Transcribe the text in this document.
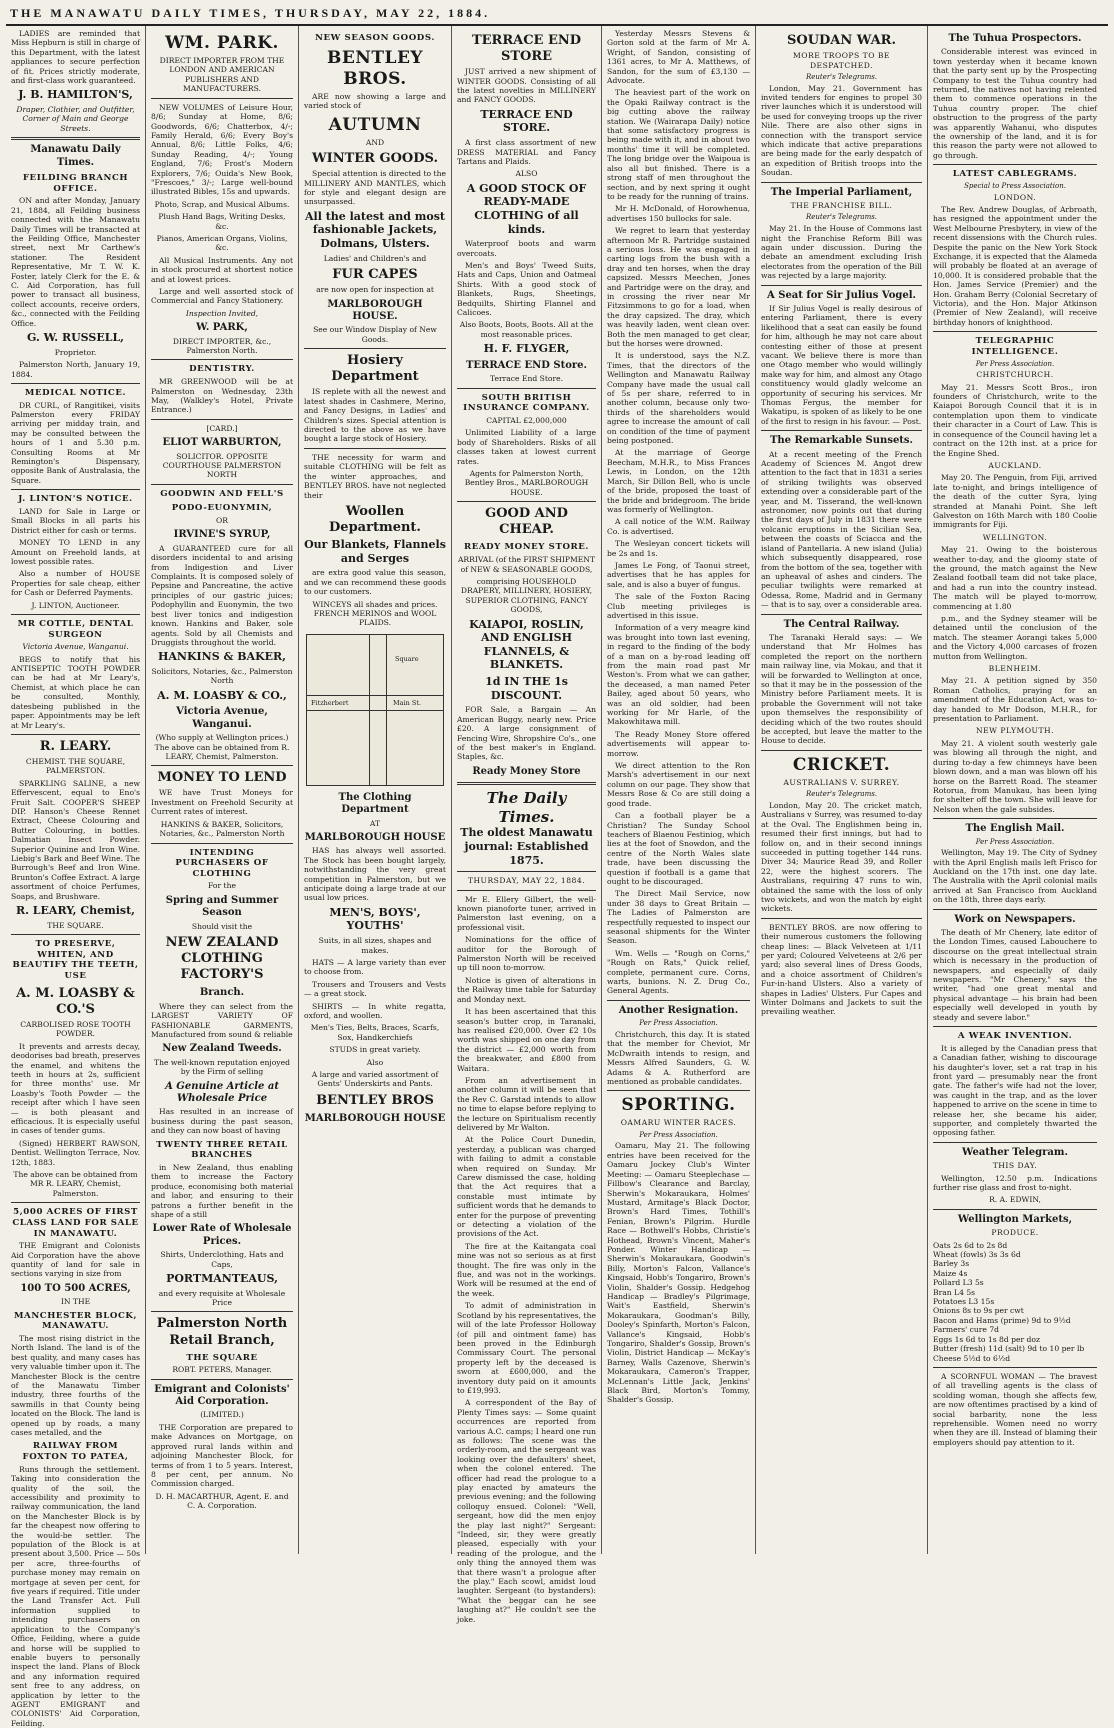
THE MANAWATU DAILY TIMES, THURSDAY, MAY 22, 1884.

LADIES are reminded that Miss Hepburn is still in charge of this Department, with the latest appliances to secure perfection of fit. Prices strictly moderate, and first-class work guaranteed.

J. B. HAMILTON'S,

Draper, Clothier, and Outfitter, Corner of Main and George Streets.

Manawatu Daily Times.
FEILDING BRANCH OFFICE.

ON and after Monday, January 21, 1884, all Feilding business connected with the Manawatu Daily Times will be transacted at the Feilding Office, Manchester street, next Mr Carthew's stationer. The Resident Representative, Mr T. W. K. Foster, lately Clerk for the E. & C. Aid Corporation, has full power to transact all business, collect accounts, receive orders, &c., connected with the Feilding Office.

G. W. RUSSELL,

Proprietor.

Palmerston North, January 19, 1884.

MEDICAL NOTICE.

DR CURL, of Rangitikei, visits Palmerston every FRIDAY arriving per midday train, and may be consulted between the hours of 1 and 5.30 p.m. Consulting Rooms at Mr Remington's Dispensary, opposite Bank of Australasia, the Square.

J. LINTON'S NOTICE.

LAND for Sale in Large or Small Blocks in all parts his District either for cash or terms.

MONEY TO LEND in any Amount on Freehold lands, at lowest possible rates.

Also a number of HOUSE Properties for sale cheap, either for Cash or Deferred Payments.

J. LINTON, Auctioneer.

MR COTTLE, DENTAL SURGEON

Victoria Avenue, Wanganui.

BEGS to notify that his ANTISEPTIC TOOTH POWDER can be had at Mr Leary's, Chemist, at which place he can be consulted, Monthly, datesbeing published in the paper. Appointments may be left at Mr Leary's.

R. LEARY.

CHEMIST. THE SQUARE, PALMERSTON.

SPARKLING SALINE, a new Effervescent, equal to Eno's Fruit Salt. COOPER'S SHEEP DIP. Hanson's Cheese Rennet Extract, Cheese Colouring and Butter Colouring, in bottles. Dalmatian Insect Powder. Superior Quinine and Iron Wine. Liebig's Bark and Beef Wine. The Burrough's Beef and Iron Wine. Brunton's Coffee Extract. A large assortment of choice Perfumes, Soaps, and Brushware.

R. LEARY, Chemist,

THE SQUARE.

TO PRESERVE, WHITEN, AND BEAUTIFY THE TEETH, USE
A. M. LOASBY & CO.'S

CARBOLISED ROSE TOOTH POWDER.

It prevents and arrests decay, deodorises bad breath, preserves the enamel, and whitens the teeth in hours at 2s, sufficient for three months' use. Mr Loasby's Tooth Powder — the receipt after which I have seen — is both pleasant and efficacious. It is especially useful in cases of tender gums.

(Signed) HERBERT RAWSON, Dentist. Wellington Terrace, Nov. 12th, 1883.

The above can be obtained from MR R. LEARY, Chemist, Palmerston.

5,000 ACRES OF FIRST CLASS LAND FOR SALE IN MANAWATU.

THE Emigrant and Colonists Aid Corporation have the above quantity of land for sale in sections varying in size from

100 TO 500 ACRES,

IN THE

MANCHESTER BLOCK, MANAWATU.

The most rising district in the North Island. The land is of the best quality, and many cases has very valuable timber upon it. The Manchester Block is the centre of the Manawatu Timber industry, three fourths of the sawmills in that County being located on the Block. The land is opened up by roads, a many cases metalled, and the

RAILWAY FROM FOXTON TO PATEA,

Runs through the settlement. Taking into consideration the quality of the soil, the accessibility and proximity to railway communication, the land on the Manchester Block is by far the cheapest now offering to the would-be settler. The population of the Block is at present about 3,500. Price — 50s per acre, three-fourths of purchase money may remain on mortgage at seven per cent, for five years if required. Title under the Land Transfer Act. Full information supplied to intending purchasers on application to the Company's Office, Feilding, where a guide and horse will be supplied to enable buyers to personally inspect the land. Plans of Block and any information required sent free to any address, on application by letter to the AGENT EMIGRANT and COLONISTS' Aid Corporation, Feilding.

WM. PARK.

DIRECT IMPORTER FROM THE LONDON AND AMERICAN PUBLISHERS AND MANUFACTURERS.

NEW VOLUMES of Leisure Hour, 8/6; Sunday at Home, 8/6; Goodwords, 6/6; Chatterbox, 4/-; Family Herald, 6/6; Every Boy's Annual, 8/6; Little Folks, 4/6; Sunday Reading, 4/-; Young England, 7/6; Frost's Modern Explorers, 7/6; Ouida's New Book, "Frescoes," 3/-; Large well-bound illustrated Bibles, 15s and upwards.

Photo, Scrap, and Musical Albums.

Plush Hand Bags, Writing Desks, &c.

Pianos, American Organs, Violins, &c.

All Musical Instruments. Any not in stock procured at shortest notice and at lowest prices.

Large and well assorted stock of Commercial and Fancy Stationery.

Inspection Invited,

W. PARK,

DIRECT IMPORTER, &c., Palmerston North.

DENTISTRY.

MR GREENWOOD will be at Palmerston on Wednesday, 23th May, (Walkley's Hotel, Private Entrance.)

[CARD.]

ELIOT WARBURTON,

SOLICITOR. OPPOSITE COURTHOUSE PALMERSTON NORTH

GOODWIN AND FELL'S
PODO-EUONYMIN,

OR

IRVINE'S SYRUP,

A GUARANTEED cure for all disorders incidental to and arising from Indigestion and Liver Complaints. It is composed solely of Pepsine and Pancreatine, the active principles of our gastric juices; Podophyllin and Euonymin, the two best liver tonics and indigestion known. Hankins and Baker, sole agents. Sold by all Chemists and Druggists throughout the world.

HANKINS & BAKER,

Solicitors, Notaries, &c., Palmerston North

A. M. LOASBY & CO.,

Victoria Avenue, Wanganui.

(Who supply at Wellington prices.) The above can be obtained from R. LEARY, Chemist, Palmerston.

MONEY TO LEND

WE have Trust Moneys for Investment on Freehold Security at Current rates of interest.

HANKINS & BAKER, Solicitors, Notaries, &c., Palmerston North

INTENDING PURCHASERS OF CLOTHING

For the

Spring and Summer Season

Should visit the

NEW ZEALAND CLOTHING FACTORY'S
Branch.

Where they can select from the LARGEST VARIETY OF FASHIONABLE GARMENTS, Manufactured from sound & reliable

New Zealand Tweeds.

The well-known reputation enjoyed by the Firm of selling

A Genuine Article at Wholesale Price

Has resulted in an increase of business during the past season, and they can now boast of having

TWENTY THREE RETAIL BRANCHES

in New Zealand, thus enabling them to increase the Factory produce, economising both material and labor, and ensuring to their patrons a further benefit in the shape of a still

Lower Rate of Wholesale Prices.

Shirts, Underclothing, Hats and Caps,

PORTMANTEAUS,

and every requisite at Wholesale Price

Palmerston North Retail Branch,
THE SQUARE

ROBT. PETERS, Manager.

Emigrant and Colonists' Aid Corporation.

(LIMITED.)

THE Corporation are prepared to make Advances on Mortgage, on approved rural lands within and adjoining Manchester Block, for terms of from 1 to 5 years. Interest, 8 per cent, per annum. No Commission charged.

D. H. MACARTHUR, Agent, E. and C. A. Corporation.

NEW SEASON GOODS.
BENTLEY BROS.

ARE now showing a large and varied stock of

AUTUMN

AND

WINTER GOODS.

Special attention is directed to the MILLINERY AND MANTLES, which for style and elegant design are unsurpassed.

All the latest and most fashionable Jackets, Dolmans, Ulsters.

Ladies' and Children's and

FUR CAPES

are now open for inspection at

MARLBOROUGH HOUSE.

See our Window Display of New Goods.

Hosiery Department

IS replete with all the newest and latest shades in Cashmere, Merino, and Fancy Designs, in Ladies' and Children's sizes. Special attention is directed to the above as we have bought a large stock of Hosiery.

THE necessity for warm and suitable CLOTHING will be felt as the winter approaches, and BENTLEY BROS. have not neglected their

Woollen Department.

Our Blankets, Flannels and Serges

are extra good value this season, and we can recommend these goods to our customers.

WINCEYS all shades and prices. FRENCH MERINOS and WOOL PLAIDS.

Fitzherbert	Main St.
Square
The Clothing Department

AT

MARLBOROUGH HOUSE

HAS has always well assorted. The Stock has been bought largely, notwithstanding the very great competition in Palmerston, but we anticipate doing a large trade at our usual low prices.

MEN'S, BOYS', YOUTHS'

Suits, in all sizes, shapes and makes.

HATS — A large variety than ever to choose from.

Trousers and Trousers and Vests — a great stock.

SHIRTS — In white regatta, oxford, and woollen.

Men's Ties, Belts, Braces, Scarfs, Sox, Handkerchiefs

STUDS in great variety.

Also

A large and varied assortment of Gents' Underskirts and Pants.

BENTLEY BROS
MARLBOROUGH HOUSE
TERRACE END STORE

JUST arrived a new shipment of WINTER GOODS. Consisting of all the latest novelties in MILLINERY and FANCY GOODS.

TERRACE END STORE.

A first class assortment of new DRESS MATERIAL and Fancy Tartans and Plaids.

ALSO

A GOOD STOCK OF READY-MADE CLOTHING of all kinds.

Waterproof boots and warm overcoats.

Men's and Boys' Tweed Suits, Hats and Caps, Union and Oatmeal Shirts. With a good stock of Blankets, Rugs, Sheetings, Bedquilts, Shirting Flannel and Calicoes.

Also Boots, Boots, Boots. All at the most reasonable prices.

H. F. FLYGER,

TERRACE END Store.

Terrace End Store.

SOUTH BRITISH INSURANCE COMPANY.

CAPITAL £2,000,000

Unlimited Liability of a large body of Shareholders. Risks of all classes taken at lowest current rates.

Agents for Palmerston North, Bentley Bros., MARLBOROUGH HOUSE.

GOOD AND CHEAP.
READY MONEY STORE.

ARRIVAL (of the FIRST SHIPMENT of NEW & SEASONABLE GOODS,

comprising HOUSEHOLD DRAPERY, MILLINERY, HOSIERY, SUPERIOR CLOTHING, FANCY GOODS,

KAIAPOI, ROSLIN, AND ENGLISH FLANNELS, & BLANKETS.

1d IN THE 1s DISCOUNT.

FOR Sale, a Bargain — An American Buggy, nearly new. Price £20. A large consignment of Fencing Wire, Shropshire Co's., one of the best maker's in England. Staples, &c.

Ready Money Store
The Daily Times.

The oldest Manawatu journal: Established 1875.

THURSDAY, MAY 22, 1884.

Mr E. Ellery Gilbert, the well-known pianoforte tuner, arrived in Palmerston last evening, on a professional visit.

Nominations for the office of auditor for the Borough of Palmerston North will be received up till noon to-morrow.

Notice is given of alterations in the Railway time table for Saturday and Monday next.

It has been ascertained that this season's butter crop, in Taranaki, has realised £20,000. Over £2 10s worth was shipped on one day from the district — £2,000 worth from the breakwater, and £800 from Waitara.

From an advertisement in another column it will be seen that the Rev C. Garstad intends to allow no time to elapse before replying to the lecture on Spiritualism recently delivered by Mr Walton.

At the Police Court Dunedin, yesterday, a publican was charged with failing to admit a constable when required on Sunday. Mr Carew dismissed the case, holding that the Act requires that a constable must intimate by sufficient words that he demands to enter for the purpose of preventing or detecting a violation of the provisions of the Act.

The fire at the Kaitangata coal mine was not so serious as at first thought. The fire was only in the flue, and was not in the workings. Work will be resumed at the end of the week.

To admit of administration in Scotland by his representatives, the will of the late Professor Holloway (of pill and ointment fame) has been proved in the Edinburgh Commissary Court. The personal property left by the deceased is sworn at £600,000, and the inventory duty paid on it amounts to £19,993.

A correspondent of the Bay of Plenty Times says: — Some quaint occurrences are reported from various A.C. camps; I heard one run as follows: The scene was the orderly-room, and the sergeant was looking over the defaulters' sheet, when the colonel entered. The officer had read the prologue to a play enacted by amateurs the previous evening; and the following colloquy ensued. Colonel: "Well, sergeant, how did the men enjoy the play last night?" Sergeant: "Indeed, sir, they were greatly pleased, especially with your reading of the prologue, and the only thing the annoyed them was that there wasn't a prologue after the play." Each scowl, amidst loud laughter. Sergeant (to bystanders): "What the beggar can he see laughing at?" He couldn't see the joke.

Yesterday Messrs Stevens & Gorton sold at the farm of Mr A. Wright, of Sandon, consisting of 1361 acres, to Mr A. Matthews, of Sandon, for the sum of £3,130 — Advocate.

The heaviest part of the work on the Opaki Railway contract is the big cutting above the railway station. We (Wairarapa Daily) notice that some satisfactory progress is being made with it, and in about two months' time it will be completed. The long bridge over the Waipoua is also all but finished. There is a strong staff of men throughout the section, and by next spring it ought to be ready for the running of trains.

Mr H. McDonald, of Horowhenua, advertises 150 bullocks for sale.

We regret to learn that yesterday afternoon Mr R. Partridge sustained a serious loss. He was engaged in carting logs from the bush with a dray and ten horses, when the dray capsized. Messrs Meechen, Jones and Partridge were on the dray, and in crossing the river near Mr Fitzsimmons to go for a load, when the dray capsized. The dray, which was heavily laden, went clean over. Both the men managed to get clear, but the horses were drowned.

It is understood, says the N.Z. Times, that the directors of the Wellington and Manawatu Railway Company have made the usual call of 5s per share, referred to in another column, because only two-thirds of the shareholders would agree to increase the amount of call on condition of the time of payment being postponed.

At the marriage of George Beecham, M.H.R., to Miss Frances Lewis, in London, on the 12th March, Sir Dillon Bell, who is uncle of the bride, proposed the toast of the bride and bridegroom. The bride was formerly of Wellington.

A call notice of the W.M. Railway Co. is advertised.

The Wesleyan concert tickets will be 2s and 1s.

James Le Fong, of Taonui street, advertises that he has apples for sale, and is also a buyer of fungus.

The sale of the Foxton Racing Club meeting privileges is advertised in this issue.

Information of a very meagre kind was brought into town last evening, in regard to the finding of the body of a man on a by-road leading off from the main road past Mr Weston's. From what we can gather, the deceased, a man named Peter Bailey, aged about 50 years, who was an old soldier, had been working for Mr Harle, of the Makowhitawa mill.

The Ready Money Store offered advertisements will appear to-morrow.

We direct attention to the Ron Marsh's advertisement in our next column on our page. They show that Messrs Rose & Co are still doing a good trade.

Can a football player be a Christian? The Sunday School teachers of Blaenou Festiniog, which lies at the foot of Snowdon, and the centre of the North Wales slate trade, have been discussing the question if football is a game that ought to be discouraged.

The Direct Mail Service, now under 38 days to Great Britain — The Ladies of Palmerston are respectfully requested to inspect our seasonal shipments for the Winter Season.

Wm. Wells — "Rough on Corns," "Rough on Rats," Quick relief, complete, permanent cure. Corns, warts, bunions. N. Z. Drug Co., General Agents.

Another Resignation.

Per Press Association.

Christchurch, this day. It is stated that the member for Cheviot, Mr McDwraith intends to resign, and Messrs Alfred Saunders, G. W. Adams & A. Rutherford are mentioned as probable candidates.

SPORTING.

OAMARU WINTER RACES.

Per Press Association.

Oamaru, May 21. The following entries have been received for the Oamaru Jockey Club's Winter Meeting: — Oamaru Steeplechase — Fillbow's Clearance and Barclay, Sherwin's Mokaraukara, Holmes' Mustard, Armitage's Black Doctor, Brown's Hard Times, Tothill's Fenian, Brown's Pilgrim. Hurdle Race — Bothwell's Hobbs, Christie's Hothead, Brown's Vincent, Maher's Ponder. Winter Handicap — Sherwin's Mokaraukara, Goodwin's Billy, Morton's Falcon, Vallance's Kingsaid, Hobb's Tongariro, Brown's Violin, Shalder's Gossip. Hedgehog Handicap — Bradley's Pilgrimage, Wait's Eastfield, Sherwin's Mokaraukara, Goodman's Billy, Dooley's Spinfarth, Morton's Falcon, Vallance's Kingsaid, Hobb's Tongariro, Shalder's Gossip, Brown's Violin, District Handicap — McKay's Barney, Walls Cazenove, Sherwin's Mokaraukara, Cameron's Trapper, McLennan's Little Jack, Jenkins' Black Bird, Morton's Tommy, Shalder's Gossip.

SOUDAN WAR.

MORE TROOPS TO BE DESPATCHED.

Reuter's Telegrams.

London, May 21. Government has invited tenders for engines to propel 30 river launches which it is understood will be used for conveying troops up the river Nile. There are also other signs in connection with the transport service which indicate that active preparations are being made for the early despatch of an expedition of British troops into the Soudan.

The Imperial Parliament,

THE FRANCHISE BILL.

Reuter's Telegrams.

May 21. In the House of Commons last night the Franchise Reform Bill was again under discussion. During the debate an amendment excluding Irish electorates from the operation of the Bill was rejected by a large majority.

A Seat for Sir Julius Vogel.

If Sir Julius Vogel is really desirous of entering Parliament, there is every likelihood that a seat can easily be found for him, although he may not care about contesting either of those at present vacant. We believe there is more than one Otago member who would willingly make way for him, and almost any Otago constituency would gladly welcome an opportunity of securing his services. Mr Thomas Fergus, the member for Wakatipu, is spoken of as likely to be one of the first to resign in his favour. — Post.

The Remarkable Sunsets.

At a recent meeting of the French Academy of Sciences M. Angot drew attention to the fact that in 1831 a series of striking twilights was observed extending over a considerable part of the year, and M. Tisserand, the well-known astronomer, now points out that during the first days of July in 1831 there were volcanic eruptions in the Sicilian Sea, between the coasts of Sciacca and the island of Pantellaria. A new island (Julia) which subsequently disappeared, rose from the bottom of the sea, together with an upheaval of ashes and cinders. The peculiar twilights were remarked at Odessa, Rome, Madrid and in Germany — that is to say, over a considerable area.

The Central Railway.

The Taranaki Herald says: — We understand that Mr Holmes has completed the report on the northern main railway line, via Mokau, and that it will be forwarded to Wellington at once, so that it may be in the possession of the Ministry before Parliament meets. It is probable the Government will not take upon themselves the responsibility of deciding which of the two routes should be accepted, but leave the matter to the House to decide.

CRICKET.

AUSTRALIANS V. SURREY.

Reuter's Telegrams.

London, May 20. The cricket match, Australians v Surrey, was resumed to-day at the Oval. The Englishmen being in, resumed their first innings, but had to follow on, and in their second innings succeeded in putting together 144 runs. Diver 34; Maurice Read 39, and Roller 22, were the highest scorers. The Australians, requiring 47 runs to win, obtained the same with the loss of only two wickets, and won the match by eight wickets.

BENTLEY BROS. are now offering to their numerous customers the following cheap lines: — Black Velveteen at 1/11 per yard; Coloured Velveteens at 2/6 per yard; also several lines of Dress Goods, and a choice assortment of Children's Fur-in-hand Ulsters. Also a variety of shapes in Ladies' Ulsters. Fur Capes and Winter Dolmans and Jackets to suit the prevailing weather.

The Tuhua Prospectors.

Considerable interest was evinced in town yesterday when it became known that the party sent up by the Prospecting Company to test the Tuhua country had returned, the natives not having relented them to commence operations in the Tuhua country proper. The chief obstruction to the progress of the party was apparently Wahanui, who disputes the ownership of the land, and it is for this reason the party were not allowed to go through.

LATEST CABLEGRAMS.

Special to Press Association.

LONDON.

The Rev. Andrew Douglas, of Arbroath, has resigned the appointment under the West Melbourne Presbytery, in view of the recent dissensions with the Church rules. Despite the panic on the New York Stock Exchange, it is expected that the Alameda will probably be floated at an average of 10,000. It is considered probable that the Hon. James Service (Premier) and the Hon. Graham Berry (Colonial Secretary of Victoria), and the Hon. Major Atkinson (Premier of New Zealand), will receive birthday honors of knighthood.

TELEGRAPHIC INTELLIGENCE.

Per Press Association.

CHRISTCHURCH.

May 21. Messrs Scott Bros., iron founders of Christchurch, write to the Kaiapoi Borough Council that it is in contemplation upon them to vindicate their character in a Court of Law. This is in consequence of the Council having let a contract on the 12th inst. at a price for the Engine Shed.

AUCKLAND.

May 20. The Penguin, from Fiji, arrived late to-night, and brings intelligence of the death of the cutter Syra, lying stranded at Manahi Point. She left Galveston on 16th March with 180 Coolie immigrants for Fiji.

WELLINGTON.

May 21. Owing to the boisterous weather to-day, and the gloomy state of the ground, the match against the New Zealand football team did not take place, and had a run into the country instead. The match will be played to-morrow, commencing at 1.80

p.m., and the Sydney steamer will be detained until the conclusion of the match. The steamer Aorangi takes 5,000 and the Victory 4,000 carcases of frozen mutton from Wellington.

BLENHEIM.

May 21. A petition signed by 350 Roman Catholics, praying for an amendment of the Education Act, was to-day handed to Mr Dodson, M.H.R., for presentation to Parliament.

NEW PLYMOUTH.

May 21. A violent south westerly gale was blowing all through the night, and during to-day a few chimneys have been blown down, and a man was blown off his horse on the Barrett Road. The steamer Rotorua, from Manukau, has been lying for shelter off the town. She will leave for Nelson when the gale subsides.

The English Mail.

Per Press Association.

Wellington, May 19. The City of Sydney with the April English mails left Frisco for Auckland on the 17th inst. one day late. The Australia with the April colonial mails arrived at San Francisco from Auckland on the 18th, three days early.

Work on Newspapers.

The death of Mr Chenery, late editor of the London Times, caused Labouchere to discourse on the great intellectual strain which is necessary in the production of newspapers, and especially of daily newspapers. "Mr Chenery," says the writer, "had one great mental and physical advantage — his brain had been especially well developed in youth by steady and severe labor."

A WEAK INVENTION.

It is alleged by the Canadian press that a Canadian father, wishing to discourage his daughter's lover, set a rat trap in his front yard — presumably near the front gate. The father's wife had not the lover, was caught in the trap, and as the lover happened to arrive on the scene in time to release her, she became his aider, supporter, and completely thwarted the opposing father.

Weather Telegram.

THIS DAY.

Wellington, 12.50 p.m. Indications further rise glass and frost to-night.

R. A. EDWIN,

Wellington Markets,

PRODUCE.

Oats 2s 6d to 2s 8d

Wheat (fowls) 3s 3s 6d

Barley 3s

Maize 4s

Pollard L3 5s

Bran L4 5s

Potatoes L3 15s

Onions 8s to 9s per cwt

Bacon and Hams (prime) 9d to 9½d

Farmers' cure 7d

Eggs 1s 6d to 1s 8d per doz

Butter (fresh) 11d (salt) 9d to 10 per lb

Cheese 5½d to 6½d

A SCORNFUL WOMAN — The bravest of all travelling agents is the class of scolding woman, though she affects few, are now oftentimes practised by a kind of social barbarity, none the less reprehensible. Women need no worry when they are ill. Instead of blaming their employers should pay attention to it.
